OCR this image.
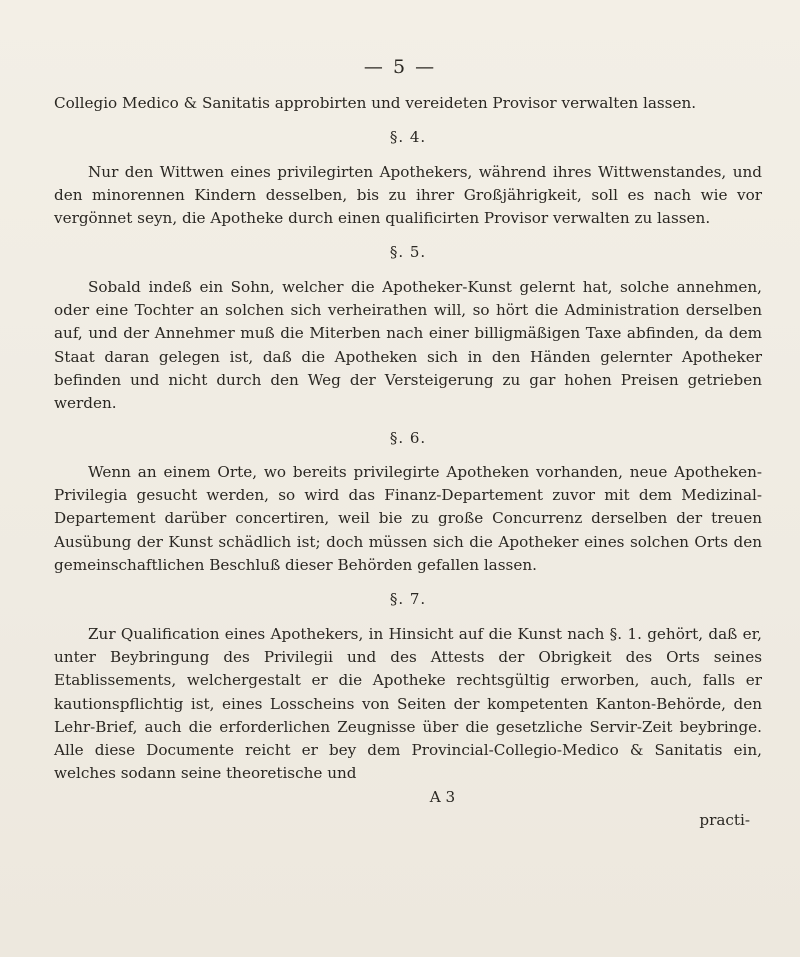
— 5 —

Collegio Medico & Sanitatis approbirten und vereideten Provisor verwalten lassen.

§. 4.

Nur den Wittwen eines privilegirten Apothekers, während ihres Wittwenstandes, und den minorennen Kindern desselben, bis zu ihrer Großjährigkeit, soll es nach wie vor vergönnet seyn, die Apotheke durch einen qualificirten Provisor verwalten zu lassen.

§. 5.

Sobald indeß ein Sohn, welcher die Apotheker-Kunst gelernt hat, solche annehmen, oder eine Tochter an solchen sich verheirathen will, so hört die Administration derselben auf, und der Annehmer muß die Miterben nach einer billigmäßigen Taxe abfinden, da dem Staat daran gelegen ist, daß die Apotheken sich in den Händen gelernter Apotheker befinden und nicht durch den Weg der Versteigerung zu gar hohen Preisen getrieben werden.

§. 6.

Wenn an einem Orte, wo bereits privilegirte Apotheken vorhanden, neue Apotheken-Privilegia gesucht werden, so wird das Finanz-Departement zuvor mit dem Medizinal-Departement darüber concertiren, weil bie zu große Concurrenz derselben der treuen Ausübung der Kunst schädlich ist; doch müssen sich die Apotheker eines solchen Orts den gemeinschaftlichen Beschluß dieser Behörden gefallen lassen.

§. 7.

Zur Qualification eines Apothekers, in Hinsicht auf die Kunst nach §. 1. gehört, daß er, unter Beybringung des Privilegii und des Attests der Obrigkeit des Orts seines Etablissements, welchergestalt er die Apotheke rechtsgültig erworben, auch, falls er kautionspflichtig ist, eines Losscheins von Seiten der kompetenten Kanton-Behörde, den Lehr-Brief, auch die erforderlichen Zeugnisse über die gesetzliche Servir-Zeit beybringe. Alle diese Documente reicht er bey dem Provincial-Collegio-Medico & Sanitatis ein, welches sodann seine theoretische und

A 3  practi-
